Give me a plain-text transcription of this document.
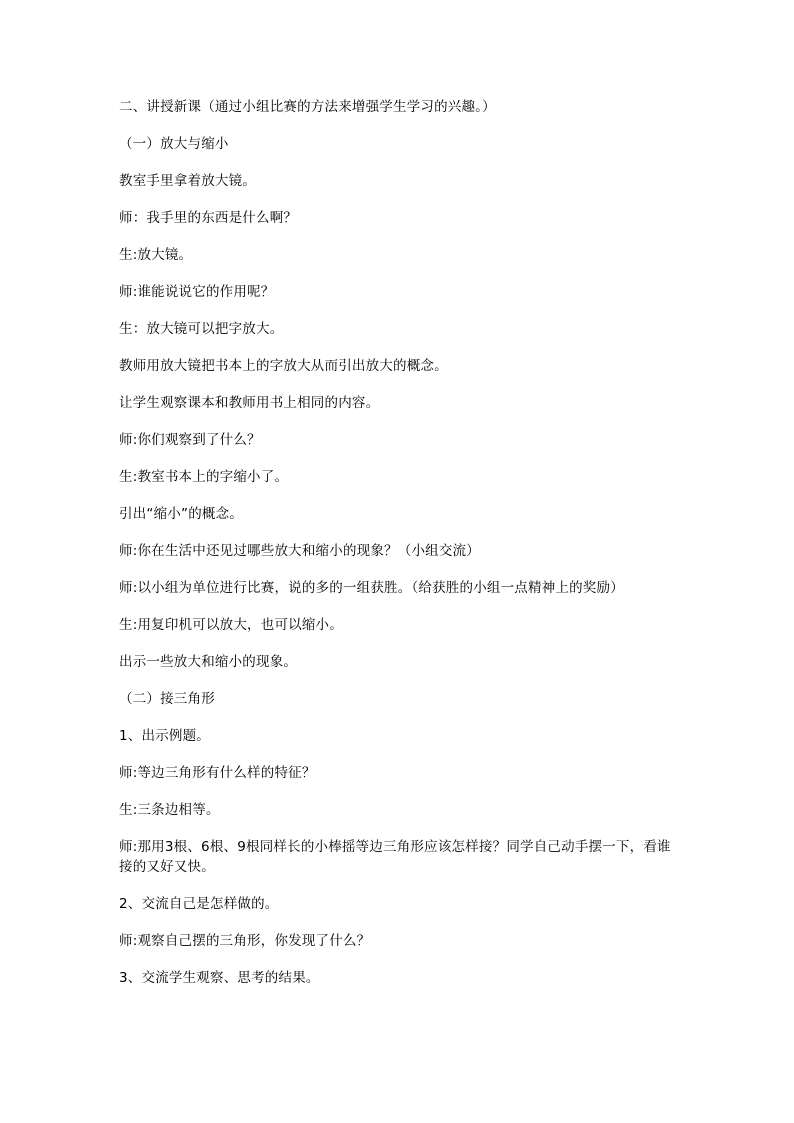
二、讲授新课（通过小组比赛的方法来增强学生学习的兴趣。）

（一）放大与缩小

教室手里拿着放大镜。

师：我手里的东西是什么啊？

生:放大镜。

师:谁能说说它的作用呢？

生：放大镜可以把字放大。

教师用放大镜把书本上的字放大从而引出放大的概念。

让学生观察课本和教师用书上相同的内容。

师:你们观察到了什么？

生:教室书本上的字缩小了。

引出“缩小”的概念。

师:你在生活中还见过哪些放大和缩小的现象？（小组交流）

师:以小组为单位进行比赛，说的多的一组获胜。（给获胜的小组一点精神上的奖励）

生:用复印机可以放大，也可以缩小。

出示一些放大和缩小的现象。

（二）接三角形

1、出示例题。

师:等边三角形有什么样的特征？

生:三条边相等。

师:那用3根、6根、9根同样长的小棒摇等边三角形应该怎样接？同学自己动手摆一下，看谁接的又好又快。

2、交流自己是怎样做的。

师:观察自己摆的三角形，你发现了什么？

3、交流学生观察、思考的结果。
